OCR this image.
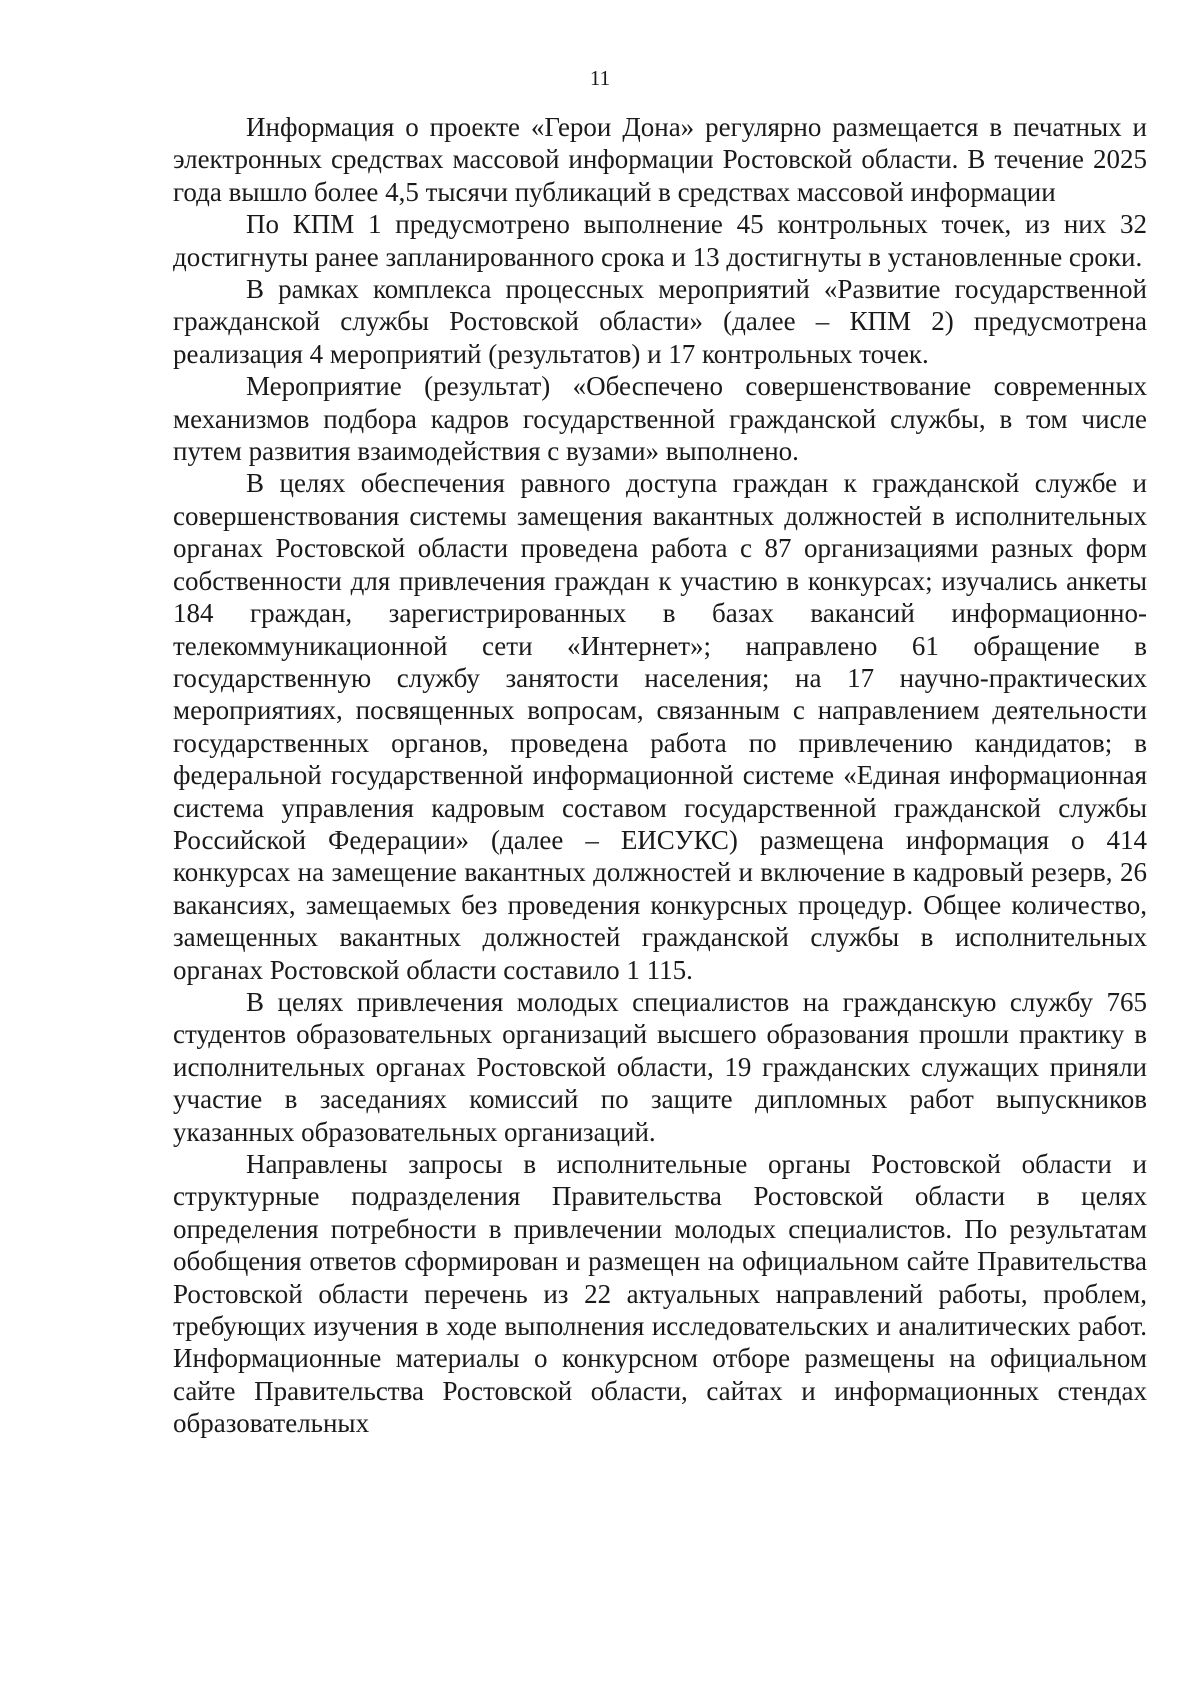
11

Информация о проекте «Герои Дона» регулярно размещается в печатных и электронных средствах массовой информации Ростовской области. В течение 2025 года вышло более 4,5 тысячи публикаций в средствах массовой информации

По КПМ 1 предусмотрено выполнение 45 контрольных точек, из них 32 достигнуты ранее запланированного срока и 13 достигнуты в установленные сроки.

В рамках комплекса процессных мероприятий «Развитие государственной гражданской службы Ростовской области» (далее – КПМ 2) предусмотрена реализация 4 мероприятий (результатов) и 17 контрольных точек.

Мероприятие (результат) «Обеспечено совершенствование современных механизмов подбора кадров государственной гражданской службы, в том числе путем развития взаимодействия с вузами» выполнено.

В целях обеспечения равного доступа граждан к гражданской службе и совершенствования системы замещения вакантных должностей в исполнительных органах Ростовской области проведена работа с 87 организациями разных форм собственности для привлечения граждан к участию в конкурсах; изучались анкеты 184 граждан, зарегистрированных в базах вакансий информационно-телекоммуникационной сети «Интернет»; направлено 61 обращение в государственную службу занятости населения; на 17 научно-практических мероприятиях, посвященных вопросам, связанным с направлением деятельности государственных органов, проведена работа по привлечению кандидатов; в федеральной государственной информационной системе «Единая информационная система управления кадровым составом государственной гражданской службы Российской Федерации» (далее – ЕИСУКС) размещена информация о 414 конкурсах на замещение вакантных должностей и включение в кадровый резерв, 26 вакансиях, замещаемых без проведения конкурсных процедур. Общее количество, замещенных вакантных должностей гражданской службы в исполнительных органах Ростовской области составило 1 115.

В целях привлечения молодых специалистов на гражданскую службу 765 студентов образовательных организаций высшего образования прошли практику в исполнительных органах Ростовской области, 19 гражданских служащих приняли участие в заседаниях комиссий по защите дипломных работ выпускников указанных образовательных организаций.

Направлены запросы в исполнительные органы Ростовской области и структурные подразделения Правительства Ростовской области в целях определения потребности в привлечении молодых специалистов. По результатам обобщения ответов сформирован и размещен на официальном сайте Правительства Ростовской области перечень из 22 актуальных направлений работы, проблем, требующих изучения в ходе выполнения исследовательских и аналитических работ. Информационные материалы о конкурсном отборе размещены на официальном сайте Правительства Ростовской области, сайтах и информационных стендах образовательных
